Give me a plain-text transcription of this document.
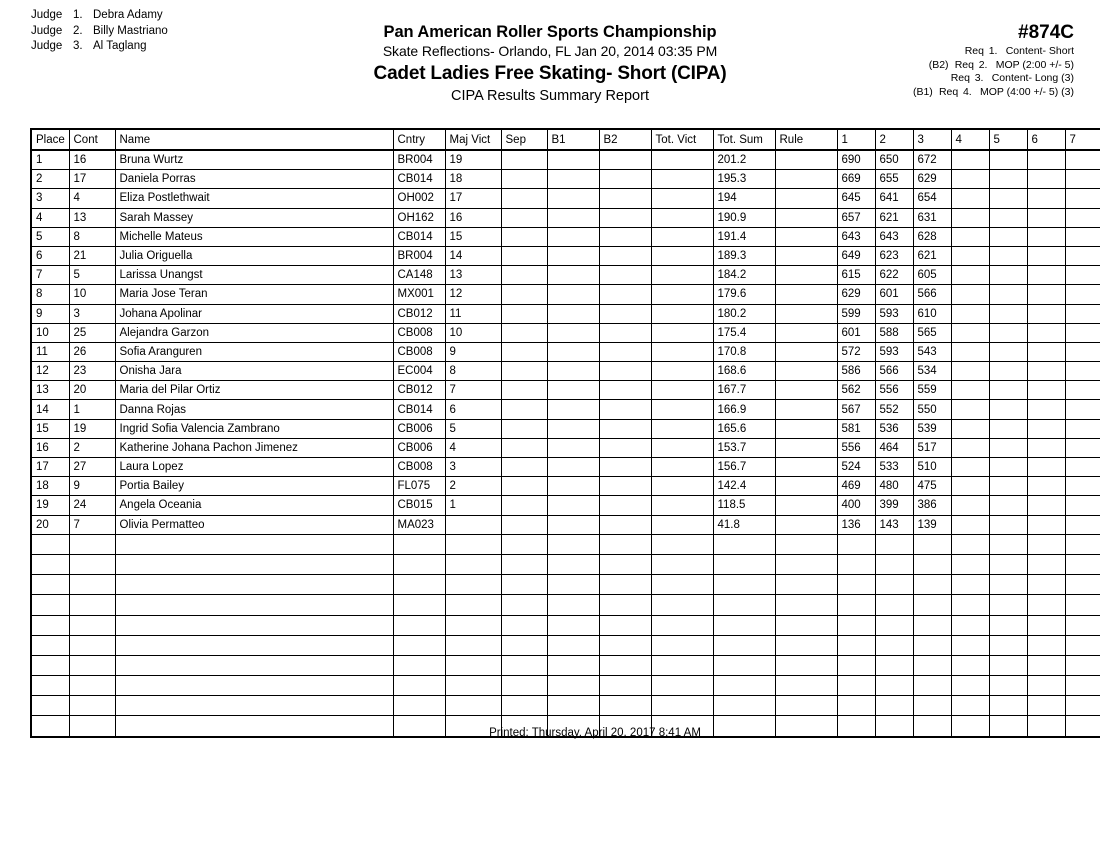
Judge 1. Debra Adamy
Judge 2. Billy Mastriano
Judge 3. Al Taglang
Pan American Roller Sports Championship
Skate Reflections- Orlando, FL Jan 20, 2014 03:35 PM
Cadet Ladies Free Skating- Short (CIPA)
CIPA Results Summary Report
#874C
Req 1. Content- Short
(B2) Req 2. MOP (2:00 +/- 5)
Req 3. Content- Long (3)
(B1) Req 4. MOP (4:00 +/- 5) (3)
Place	Cont	Name	Cntry	Maj Vict	Sep	B1	B2	Tot. Vict	Tot. Sum	Rule	1	2	3	4	5	6	7
1	16	Bruna Wurtz	BR004	19					201.2		690	650	672				
2	17	Daniela Porras	CB014	18					195.3		669	655	629				
3	4	Eliza Postlethwait	OH002	17					194		645	641	654				
4	13	Sarah Massey	OH162	16					190.9		657	621	631				
5	8	Michelle Mateus	CB014	15					191.4		643	643	628				
6	21	Julia Origuella	BR004	14					189.3		649	623	621				
7	5	Larissa Unangst	CA148	13					184.2		615	622	605				
8	10	Maria Jose Teran	MX001	12					179.6		629	601	566				
9	3	Johana Apolinar	CB012	11					180.2		599	593	610				
10	25	Alejandra Garzon	CB008	10					175.4		601	588	565				
11	26	Sofia Aranguren	CB008	9					170.8		572	593	543				
12	23	Onisha Jara	EC004	8					168.6		586	566	534				
13	20	Maria del Pilar Ortiz	CB012	7					167.7		562	556	559				
14	1	Danna Rojas	CB014	6					166.9		567	552	550				
15	19	Ingrid Sofia Valencia Zambrano	CB006	5					165.6		581	536	539				
16	2	Katherine Johana Pachon Jimenez	CB006	4					153.7		556	464	517				
17	27	Laura Lopez	CB008	3					156.7		524	533	510				
18	9	Portia Bailey	FL075	2					142.4		469	480	475				
19	24	Angela Oceania	CB015	1					118.5		400	399	386				
20	7	Olivia Permatteo	MA023						41.8		136	143	139				

Printed: Thursday, April 20, 2017 8:41 AM
